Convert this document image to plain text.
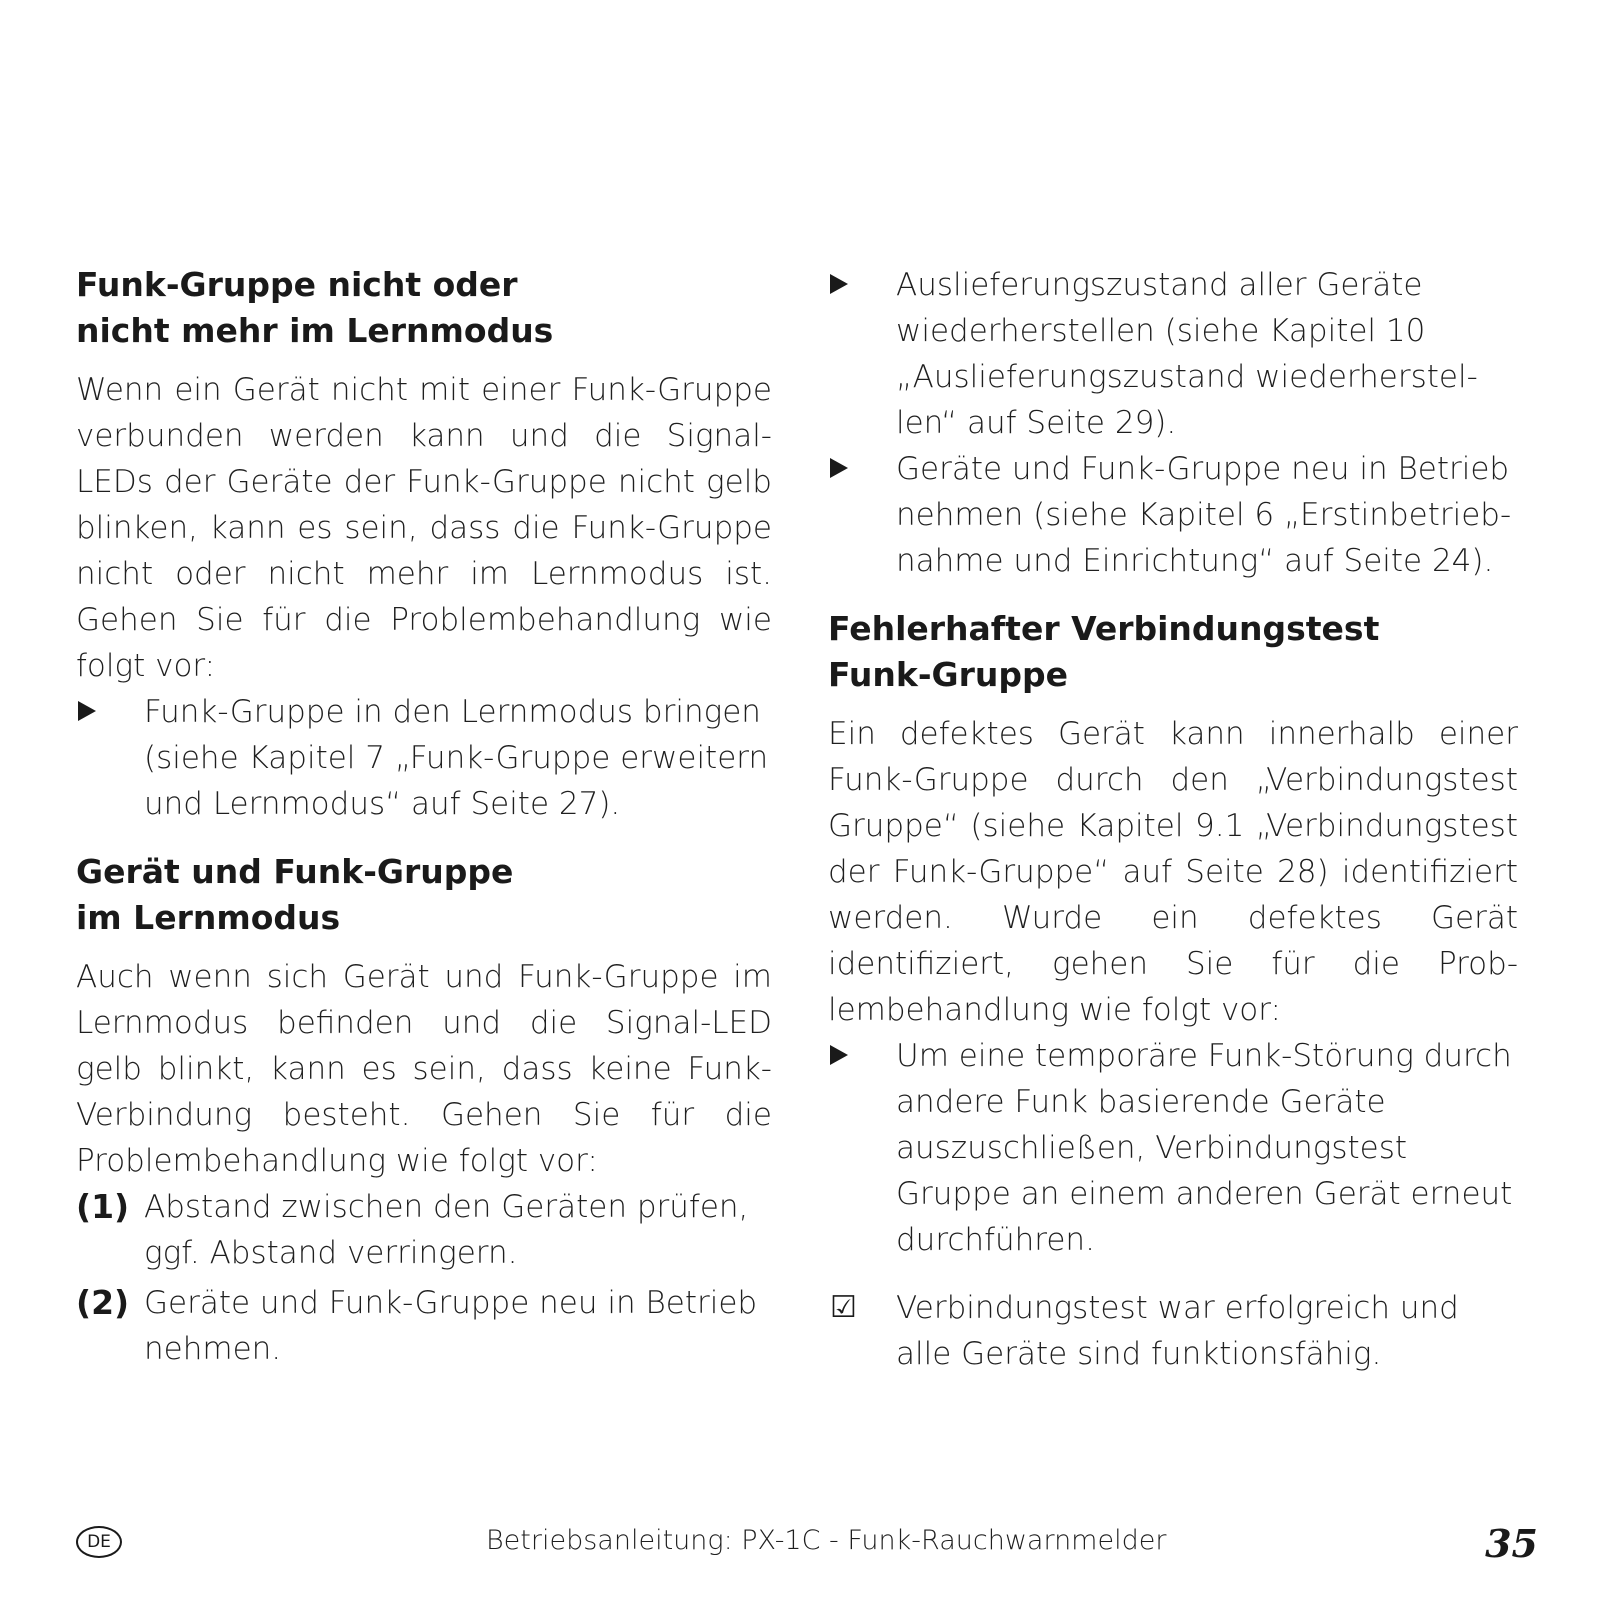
Funk-Gruppe nicht oder
nicht mehr im Lernmodus

Wenn ein Gerät nicht mit einer Funk-Gruppe verbunden werden kann und die Signal-LEDs der Geräte der Funk-Gruppe nicht gelb blinken, kann es sein, dass die Funk-Gruppe nicht oder nicht mehr im Lernmodus ist. Gehen Sie für die Problembehandlung wie folgt vor:

Funk-Gruppe in den Lernmodus bringen (siehe Kapitel 7 „Funk-Gruppe erweitern und Lernmodus“ auf Seite 27).
Gerät und Funk-Gruppe
im Lernmodus

Auch wenn sich Gerät und Funk-Gruppe im Lernmodus befinden und die Signal-LED gelb blinkt, kann es sein, dass keine Funk-Verbindung besteht. Gehen Sie für die Problembehandlung wie folgt vor:

(1) Abstand zwischen den Geräten prüfen, ggf. Abstand verringern.
(2) Geräte und Funk-Gruppe neu in Betrieb nehmen.
Auslieferungszustand aller Geräte wiederherstellen (siehe Kapitel 10 „Auslieferungszustand wiederherstellen“ auf Seite 29).
Geräte und Funk-Gruppe neu in Betrieb nehmen (siehe Kapitel 6 „Erstinbetriebnahme und Einrichtung“ auf Seite 24).
Fehlerhafter Verbindungstest
Funk-Gruppe

Ein defektes Gerät kann innerhalb einer Funk-Gruppe durch den „Verbindungstest Gruppe“ (siehe Kapitel 9.1 „Verbindungstest der Funk-Gruppe“ auf Seite 28) identifiziert werden. Wurde ein defektes Gerät identifiziert, gehen Sie für die Problembehandlung wie folgt vor:

Um eine temporäre Funk-Störung durch andere Funk basierende Geräte auszuschließen, Verbindungstest Gruppe an einem anderen Gerät erneut durchführen.
☑ Verbindungstest war erfolgreich und alle Geräte sind funktionsfähig.
DE	Betriebsanleitung: PX-1C - Funk-Rauchwarnmelder	35
